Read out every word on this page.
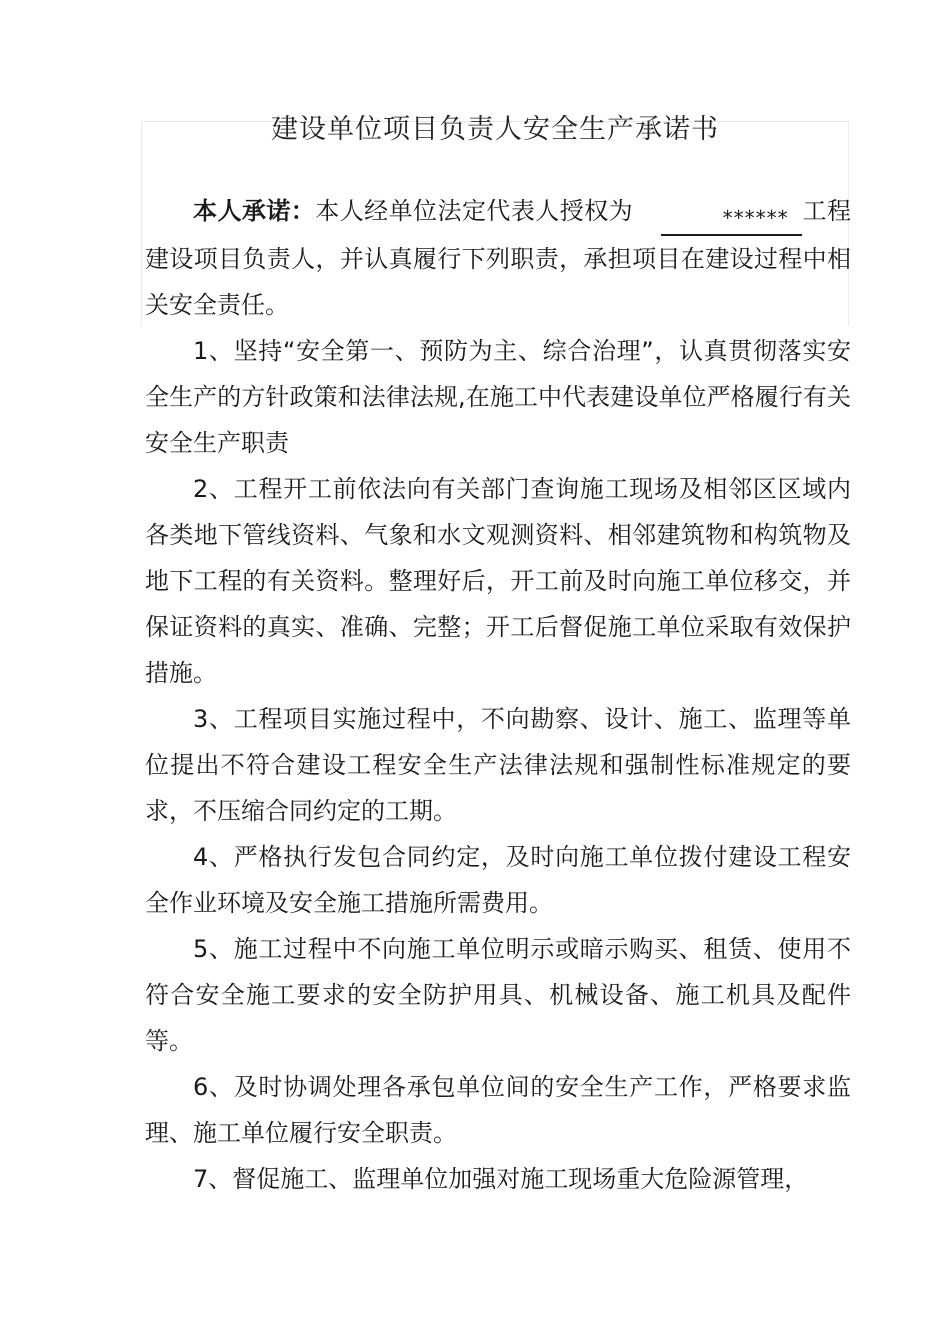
建设单位项目负责人安全生产承诺书

本人承诺：本人经单位法定代表人授权为	****** 工程建设项目负责人，并认真履行下列职责，承担项目在建设过程中相关安全责任。

1、坚持“安全第一、预防为主、综合治理”，认真贯彻落实安全生产的方针政策和法律法规,在施工中代表建设单位严格履行有关安全生产职责

2、工程开工前依法向有关部门查询施工现场及相邻区区域内各类地下管线资料、气象和水文观测资料、相邻建筑物和构筑物及地下工程的有关资料。整理好后，开工前及时向施工单位移交，并保证资料的真实、准确、完整；开工后督促施工单位采取有效保护措施。

3、工程项目实施过程中，不向勘察、设计、施工、监理等单位提出不符合建设工程安全生产法律法规和强制性标准规定的要求，不压缩合同约定的工期。

4、严格执行发包合同约定，及时向施工单位拨付建设工程安全作业环境及安全施工措施所需费用。

5、施工过程中不向施工单位明示或暗示购买、租赁、使用不符合安全施工要求的安全防护用具、机械设备、施工机具及配件等。

6、及时协调处理各承包单位间的安全生产工作，严格要求监理、施工单位履行安全职责。

7、督促施工、监理单位加强对施工现场重大危险源管理，
